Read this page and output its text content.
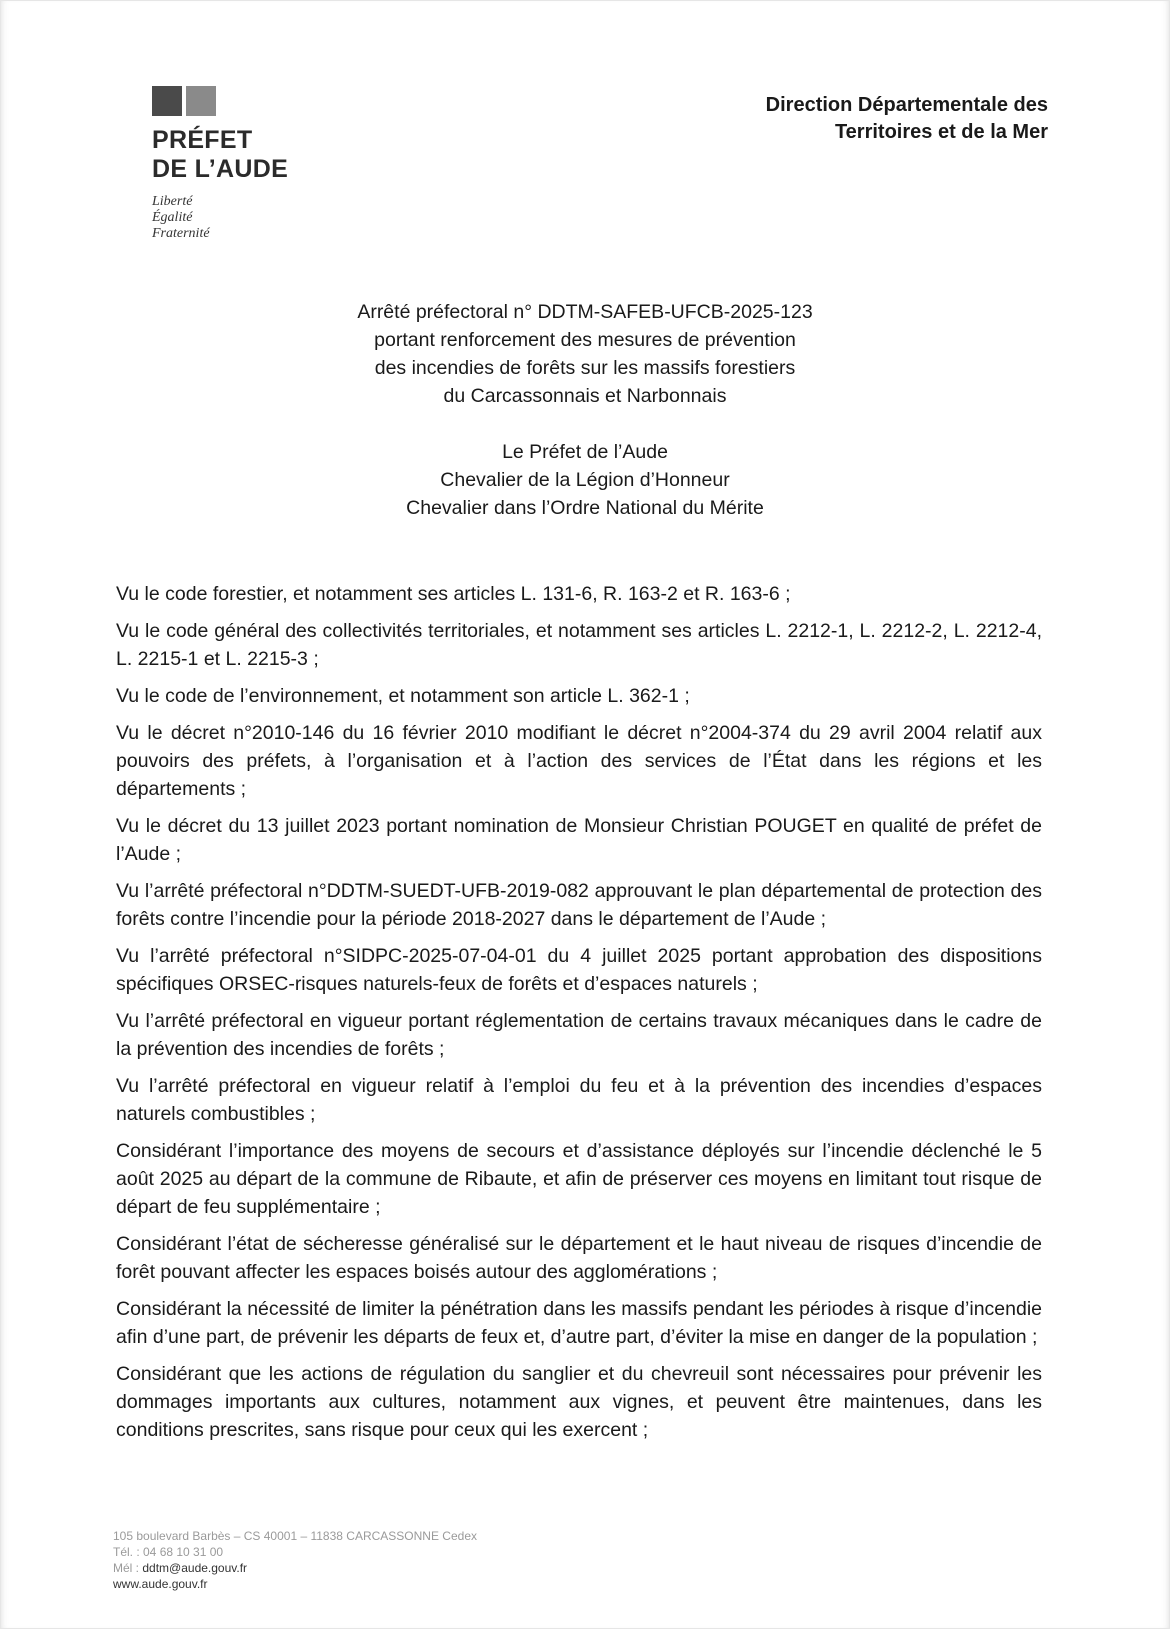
PRÉFET
DE L’AUDE
Liberté
Égalité
Fraternité
Direction Départementale des
Territoires et de la Mer
Arrêté préfectoral n° DDTM-SAFEB-UFCB-2025-123
portant renforcement des mesures de prévention
des incendies de forêts sur les massifs forestiers
du Carcassonnais et Narbonnais
Le Préfet de l’Aude
Chevalier de la Légion d’Honneur
Chevalier dans l’Ordre National du Mérite

Vu le code forestier, et notamment ses articles L. 131-6, R. 163-2 et R. 163-6 ;

Vu le code général des collectivités territoriales, et notamment ses articles L. 2212-1, L. 2212-2, L. 2212-4, L. 2215-1 et L. 2215-3 ;

Vu le code de l’environnement, et notamment son article L. 362-1 ;

Vu le décret n°2010-146 du 16 février 2010 modifiant le décret n°2004-374 du 29 avril 2004 relatif aux pouvoirs des préfets, à l’organisation et à l’action des services de l’État dans les régions et les départements ;

Vu le décret du 13 juillet 2023 portant nomination de Monsieur Christian POUGET en qualité de préfet de l’Aude ;

Vu l’arrêté préfectoral n°DDTM-SUEDT-UFB-2019-082 approuvant le plan départemental de protection des forêts contre l’incendie pour la période 2018-2027 dans le département de l’Aude ;

Vu l’arrêté préfectoral n°SIDPC-2025-07-04-01 du 4 juillet 2025 portant approbation des dispositions spécifiques ORSEC-risques naturels-feux de forêts et d’espaces naturels ;

Vu l’arrêté préfectoral en vigueur portant réglementation de certains travaux mécaniques dans le cadre de la prévention des incendies de forêts ;

Vu l’arrêté préfectoral en vigueur relatif à l’emploi du feu et à la prévention des incendies d’espaces naturels combustibles ;

Considérant l’importance des moyens de secours et d’assistance déployés sur l’incendie déclenché le 5 août 2025 au départ de la commune de Ribaute, et afin de préserver ces moyens en limitant tout risque de départ de feu supplémentaire ;

Considérant l’état de sécheresse généralisé sur le département et le haut niveau de risques d’incendie de forêt pouvant affecter les espaces boisés autour des agglomérations ;

Considérant la nécessité de limiter la pénétration dans les massifs pendant les périodes à risque d’incendie afin d’une part, de prévenir les départs de feux et, d’autre part, d’éviter la mise en danger de la population ;

Considérant que les actions de régulation du sanglier et du chevreuil sont nécessaires pour prévenir les dommages importants aux cultures, notamment aux vignes, et peuvent être maintenues, dans les conditions prescrites, sans risque pour ceux qui les exercent ;

105 boulevard Barbès – CS 40001 – 11838 CARCASSONNE Cedex
Tél. : 04 68 10 31 00
Mél : ddtm@aude.gouv.fr
www.aude.gouv.fr
